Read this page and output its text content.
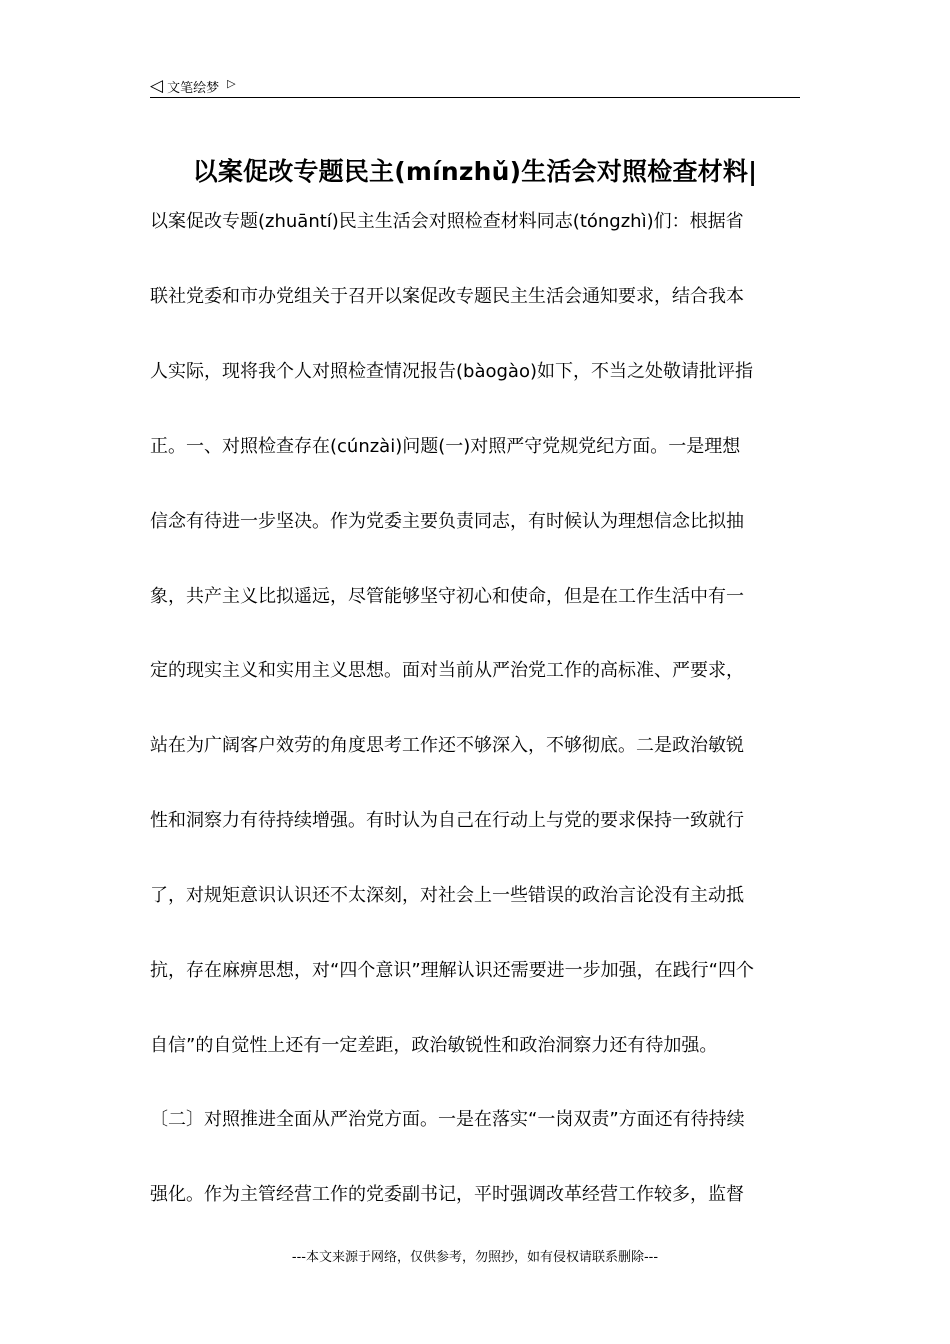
◁ 文笔绘梦 ▷
以案促改专题民主(mínzhǔ)生活会对照检查材料|
以案促改专题(zhuāntí)民主生活会对照检查材料同志(tóngzhì)们：根据省
联社党委和市办党组关于召开以案促改专题民主生活会通知要求，结合我本
人实际，现将我个人对照检查情况报告(bàogào)如下，不当之处敬请批评指
正。一、对照检查存在(cúnzài)问题(一)对照严守党规党纪方面。一是理想
信念有待进一步坚决。作为党委主要负责同志，有时候认为理想信念比拟抽
象，共产主义比拟遥远，尽管能够坚守初心和使命，但是在工作生活中有一
定的现实主义和实用主义思想。面对当前从严治党工作的高标准、严要求，
站在为广阔客户效劳的角度思考工作还不够深入，不够彻底。二是政治敏锐
性和洞察力有待持续增强。有时认为自己在行动上与党的要求保持一致就行
了，对规矩意识认识还不太深刻，对社会上一些错误的政治言论没有主动抵
抗，存在麻痹思想，对“四个意识”理解认识还需要进一步加强，在践行“四个
自信”的自觉性上还有一定差距，政治敏锐性和政治洞察力还有待加强。
〔二〕对照推进全面从严治党方面。一是在落实“一岗双责”方面还有待持续
强化。作为主管经营工作的党委副书记，平时强调改革经营工作较多，监督
---本文来源于网络，仅供参考，勿照抄，如有侵权请联系删除---
